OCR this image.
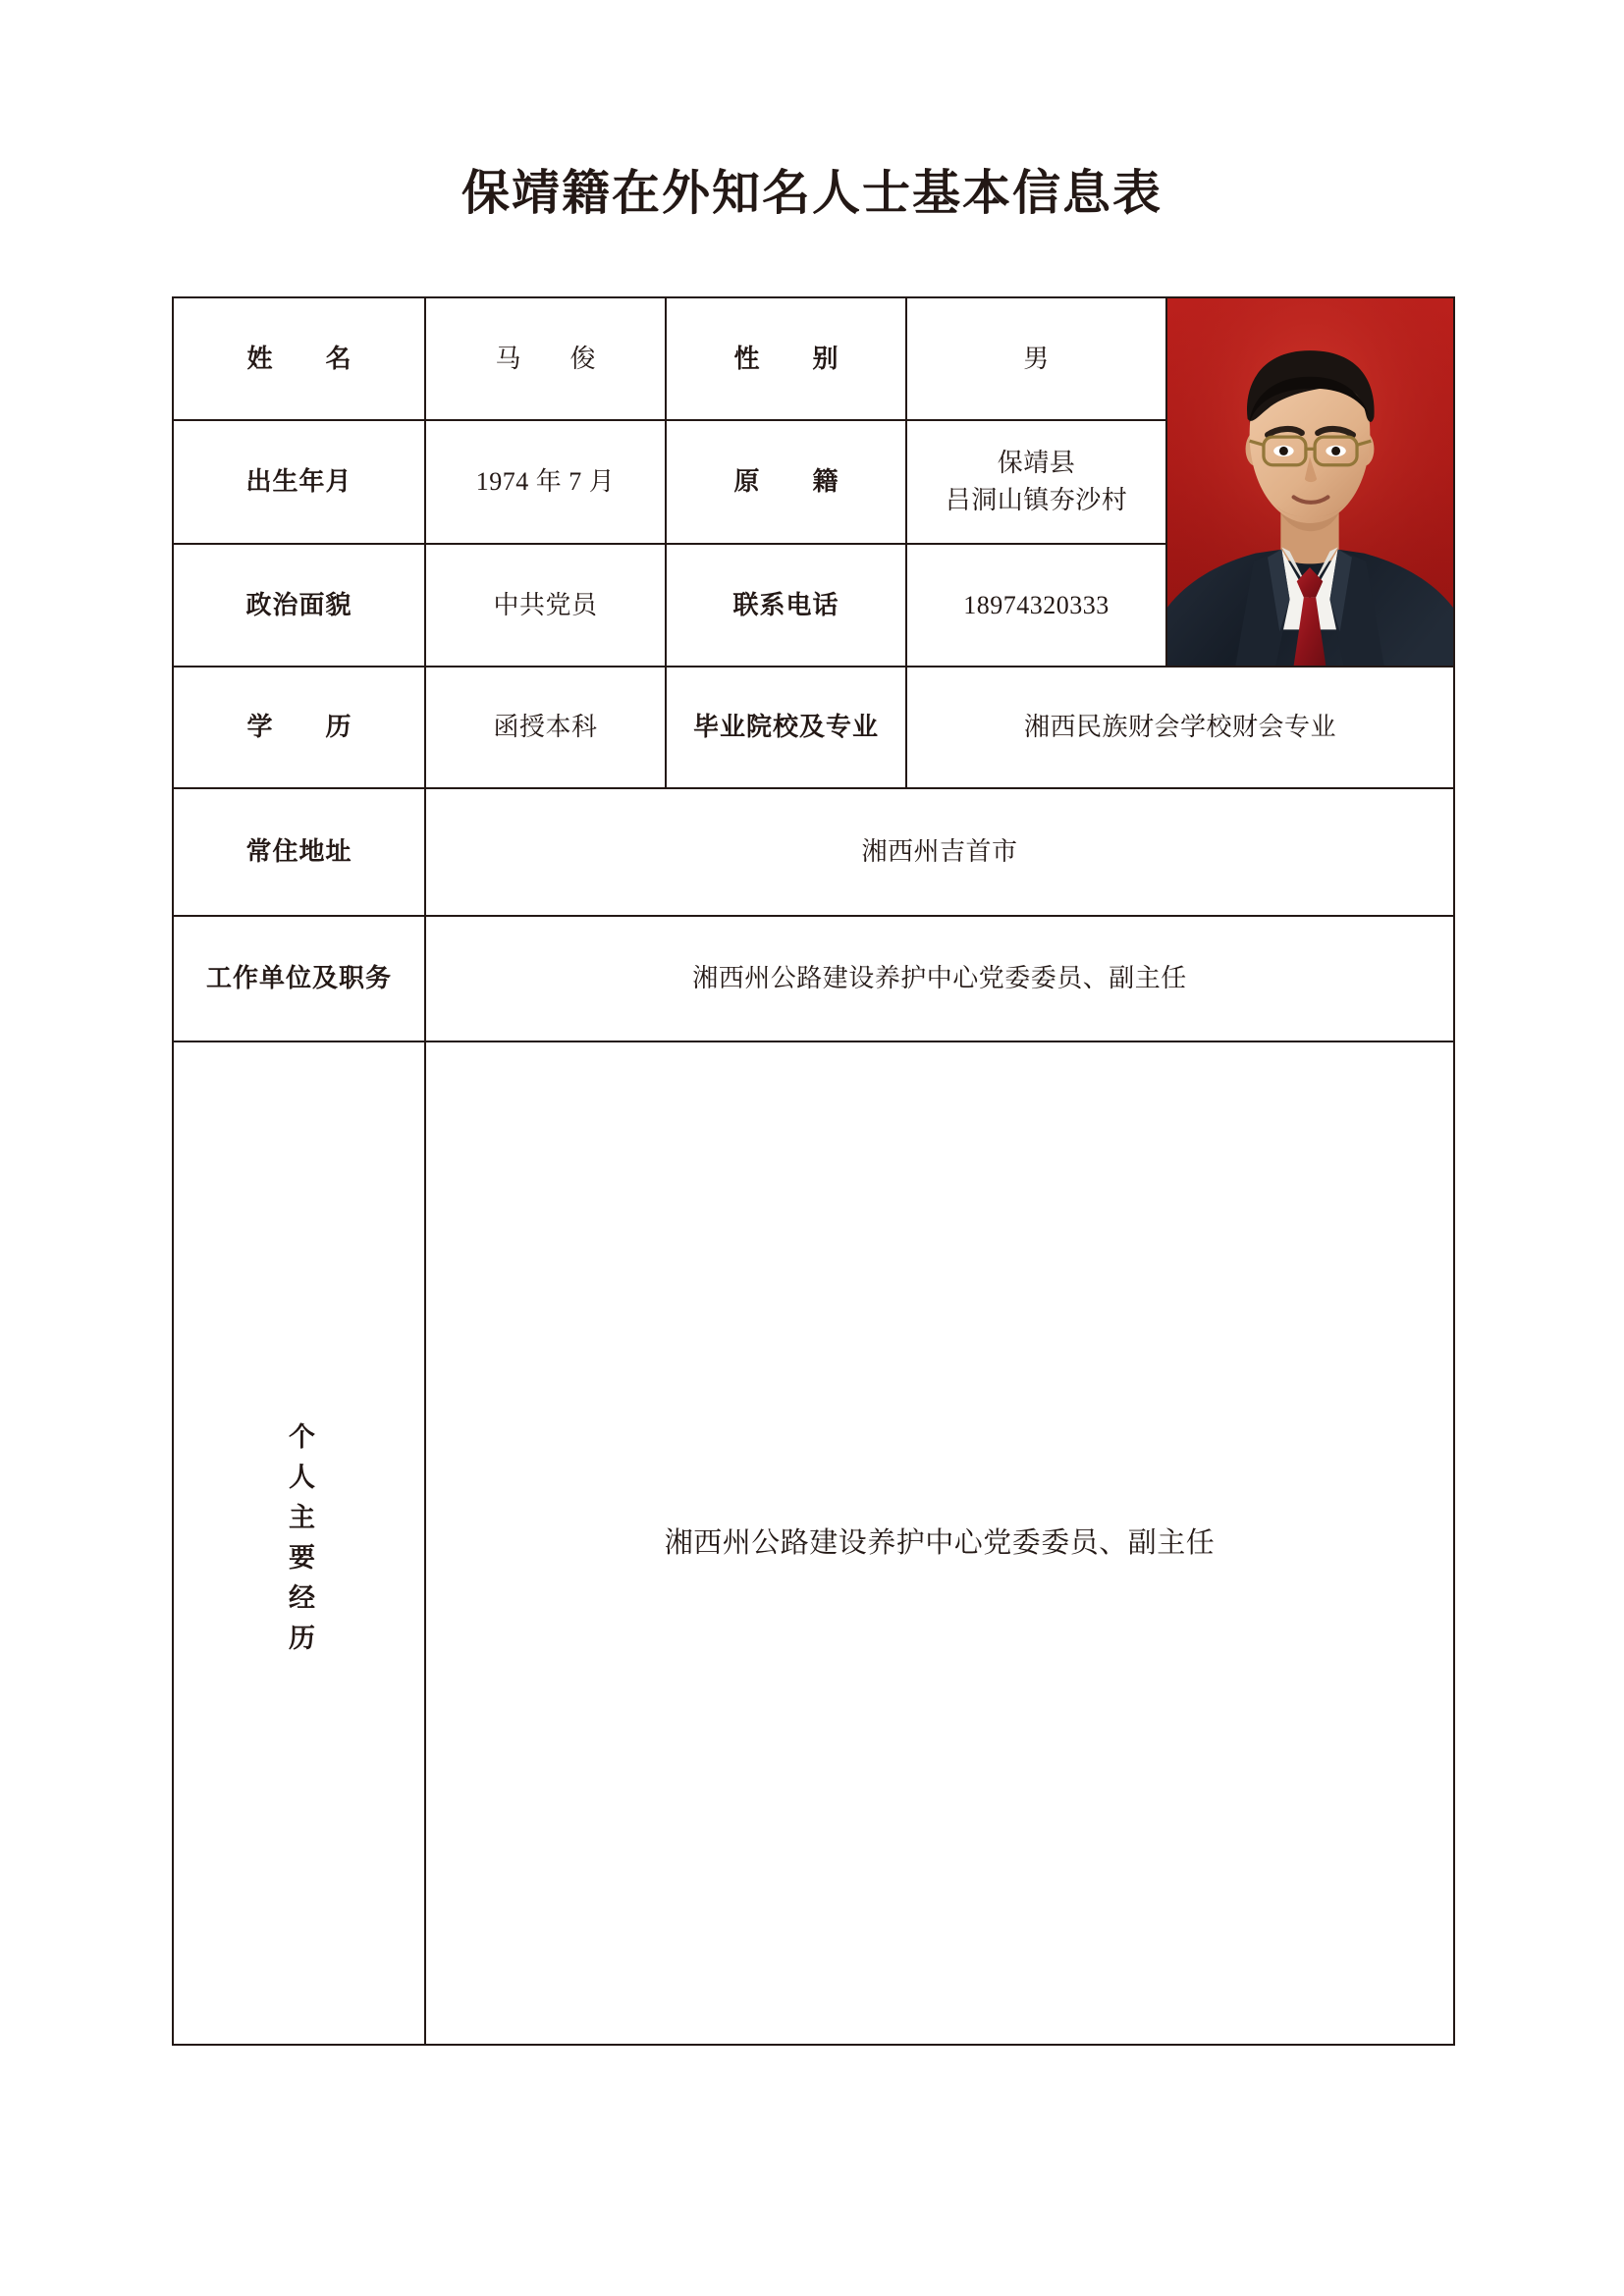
保靖籍在外知名人士基本信息表
姓　名	马　俊	性　别	男	

出生年月	1974 年 7 月	原　籍	保靖县
吕洞山镇夯沙村	

政治面貌	中共党员	联系电话	18974320333	
学　历	函授本科	毕业院校及专业	湘西民族财会学校财会专业	
常住地址	湘西州吉首市			
工作单位及职务	湘西州公路建设养护中心党委委员、副主任			

个人主要经历	湘西州公路建设养护中心党委委员、副主任			
